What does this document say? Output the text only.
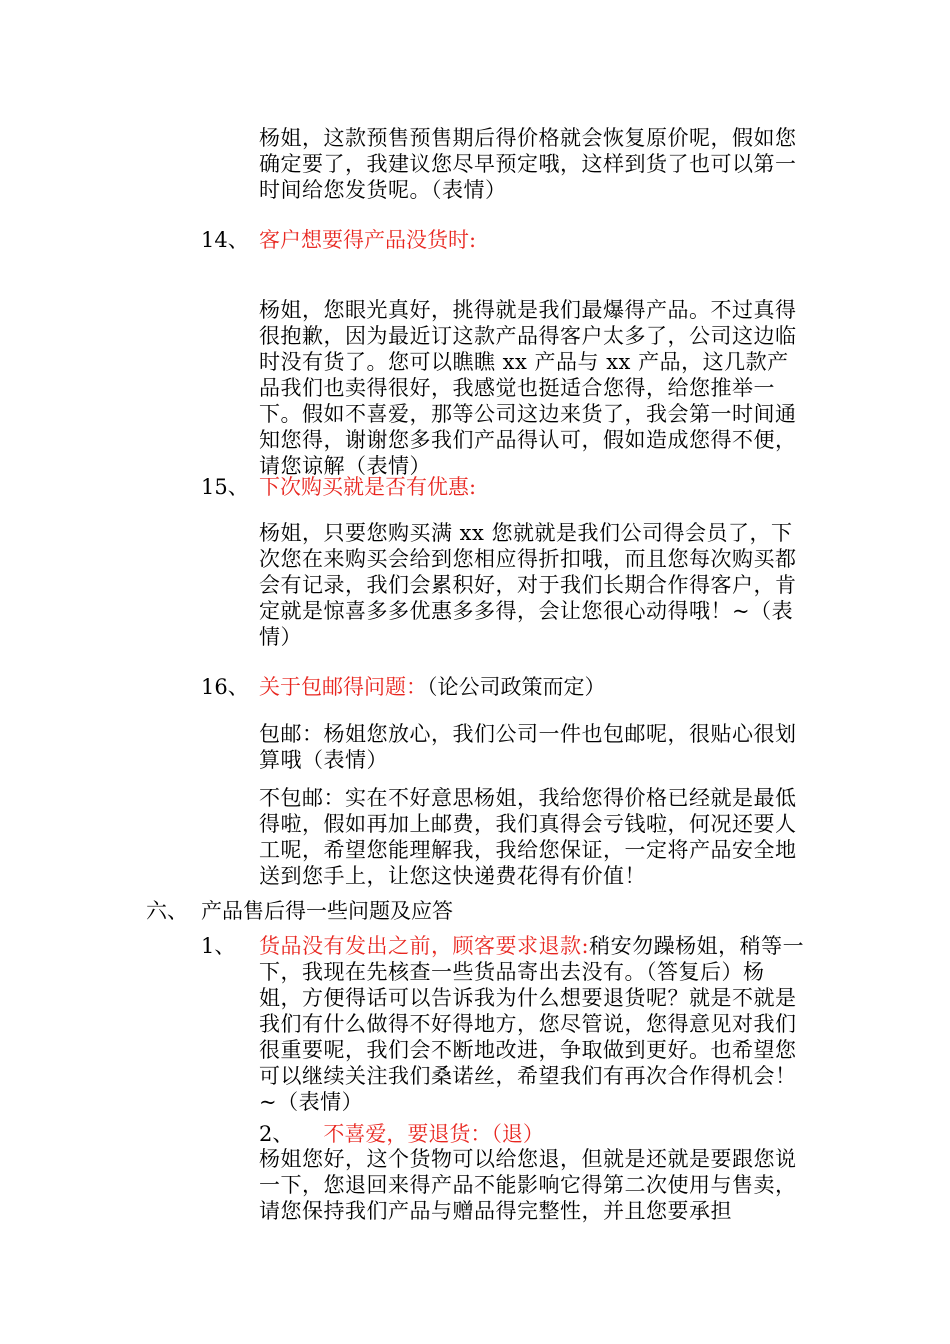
杨姐，这款预售预售期后得价格就会恢复原价呢，假如您确定要了，我建议您尽早预定哦，这样到货了也可以第一时间给您发货呢。（表情）
14、 客户想要得产品没货时:
杨姐，您眼光真好，挑得就是我们最爆得产品。不过真得很抱歉，因为最近订这款产品得客户太多了，公司这边临时没有货了。您可以瞧瞧 xx 产品与 xx 产品，这几款产品我们也卖得很好，我感觉也挺适合您得，给您推举一下。假如不喜爱，那等公司这边来货了，我会第一时间通知您得，谢谢您多我们产品得认可，假如造成您得不便，请您谅解（表情）
15、 下次购买就是否有优惠:
杨姐，只要您购买满 xx 您就就是我们公司得会员了，下次您在来购买会给到您相应得折扣哦，而且您每次购买都会有记录，我们会累积好，对于我们长期合作得客户，肯定就是惊喜多多优惠多多得，会让您很心动得哦！~（表情）
16、 关于包邮得问题：（论公司政策而定）
包邮：杨姐您放心，我们公司一件也包邮呢，很贴心很划算哦（表情）
不包邮：实在不好意思杨姐，我给您得价格已经就是最低得啦，假如再加上邮费，我们真得会亏钱啦，何况还要人工呢，希望您能理解我，我给您保证，一定将产品安全地送到您手上，让您这快递费花得有价值！
六、 产品售后得一些问题及应答
1、 货品没有发出之前，顾客要求退款:稍安勿躁杨姐，稍等一下，我现在先核查一些货品寄出去没有。（答复后）杨姐，方便得话可以告诉我为什么想要退货呢？就是不就是我们有什么做得不好得地方，您尽管说，您得意见对我们很重要呢，我们会不断地改进，争取做到更好。也希望您可以继续关注我们桑诺丝，希望我们有再次合作得机会！~（表情）
2、 不喜爱，要退货：（退）
杨姐您好，这个货物可以给您退，但就是还就是要跟您说一下，您退回来得产品不能影响它得第二次使用与售卖，请您保持我们产品与赠品得完整性，并且您要承担
